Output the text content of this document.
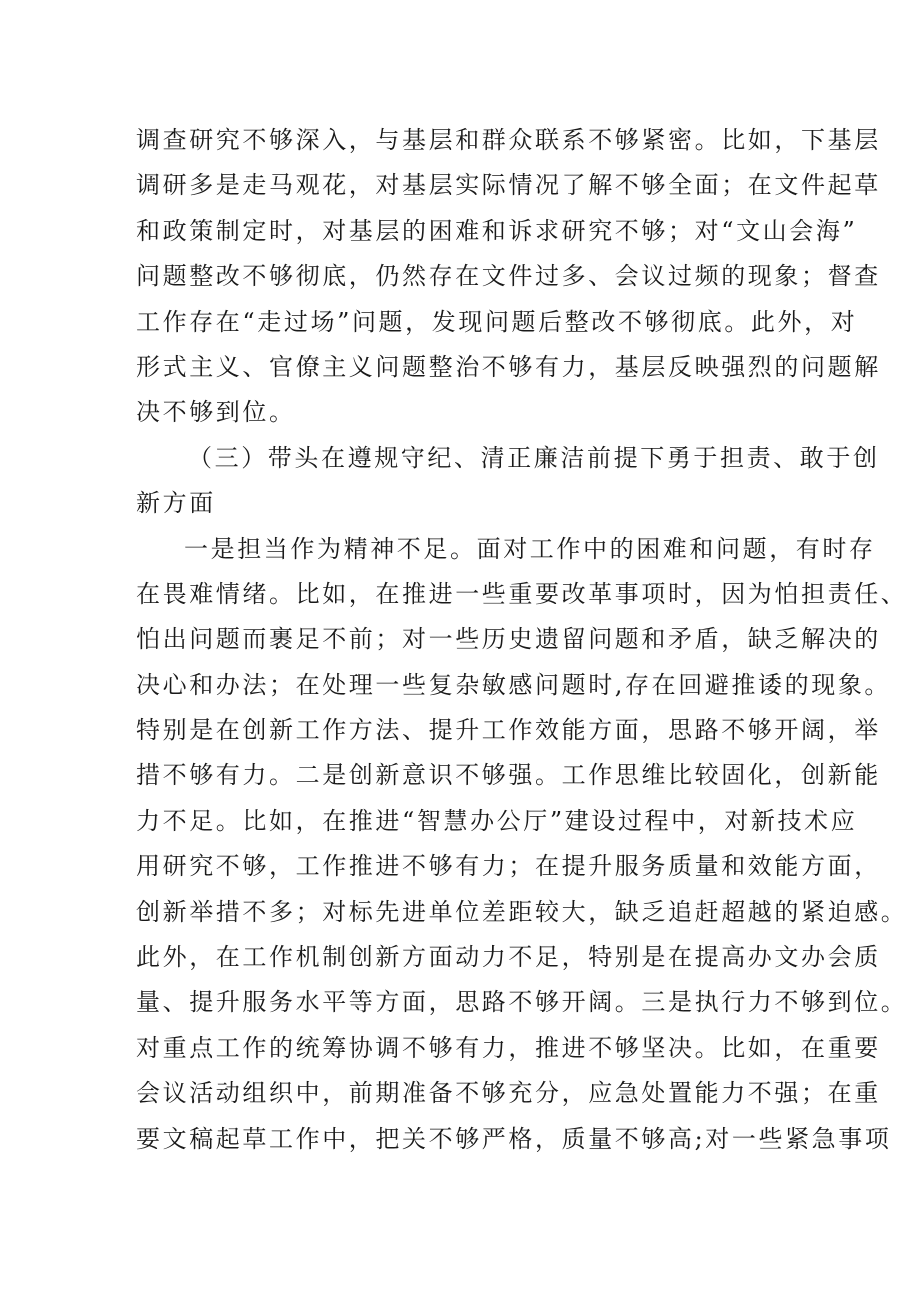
调查研究不够深入，与基层和群众联系不够紧密。比如，下基层
调研多是走马观花，对基层实际情况了解不够全面；在文件起草
和政策制定时，对基层的困难和诉求研究不够；对“文山会海”
问题整改不够彻底，仍然存在文件过多、会议过频的现象；督查
工作存在“走过场”问题，发现问题后整改不够彻底。此外，对
形式主义、官僚主义问题整治不够有力，基层反映强烈的问题解
决不够到位。
（三）带头在遵规守纪、清正廉洁前提下勇于担责、敢于创
新方面
一是担当作为精神不足。面对工作中的困难和问题，有时存
在畏难情绪。比如，在推进一些重要改革事项时，因为怕担责任、
怕出问题而裹足不前；对一些历史遗留问题和矛盾，缺乏解决的
决心和办法；在处理一些复杂敏感问题时,存在回避推诿的现象。
特别是在创新工作方法、提升工作效能方面，思路不够开阔，举
措不够有力。二是创新意识不够强。工作思维比较固化，创新能
力不足。比如，在推进“智慧办公厅”建设过程中，对新技术应
用研究不够，工作推进不够有力；在提升服务质量和效能方面，
创新举措不多；对标先进单位差距较大，缺乏追赶超越的紧迫感。
此外，在工作机制创新方面动力不足，特别是在提高办文办会质
量、提升服务水平等方面，思路不够开阔。三是执行力不够到位。
对重点工作的统筹协调不够有力，推进不够坚决。比如，在重要
会议活动组织中，前期准备不够充分，应急处置能力不强；在重
要文稿起草工作中，把关不够严格，质量不够高;对一些紧急事项
